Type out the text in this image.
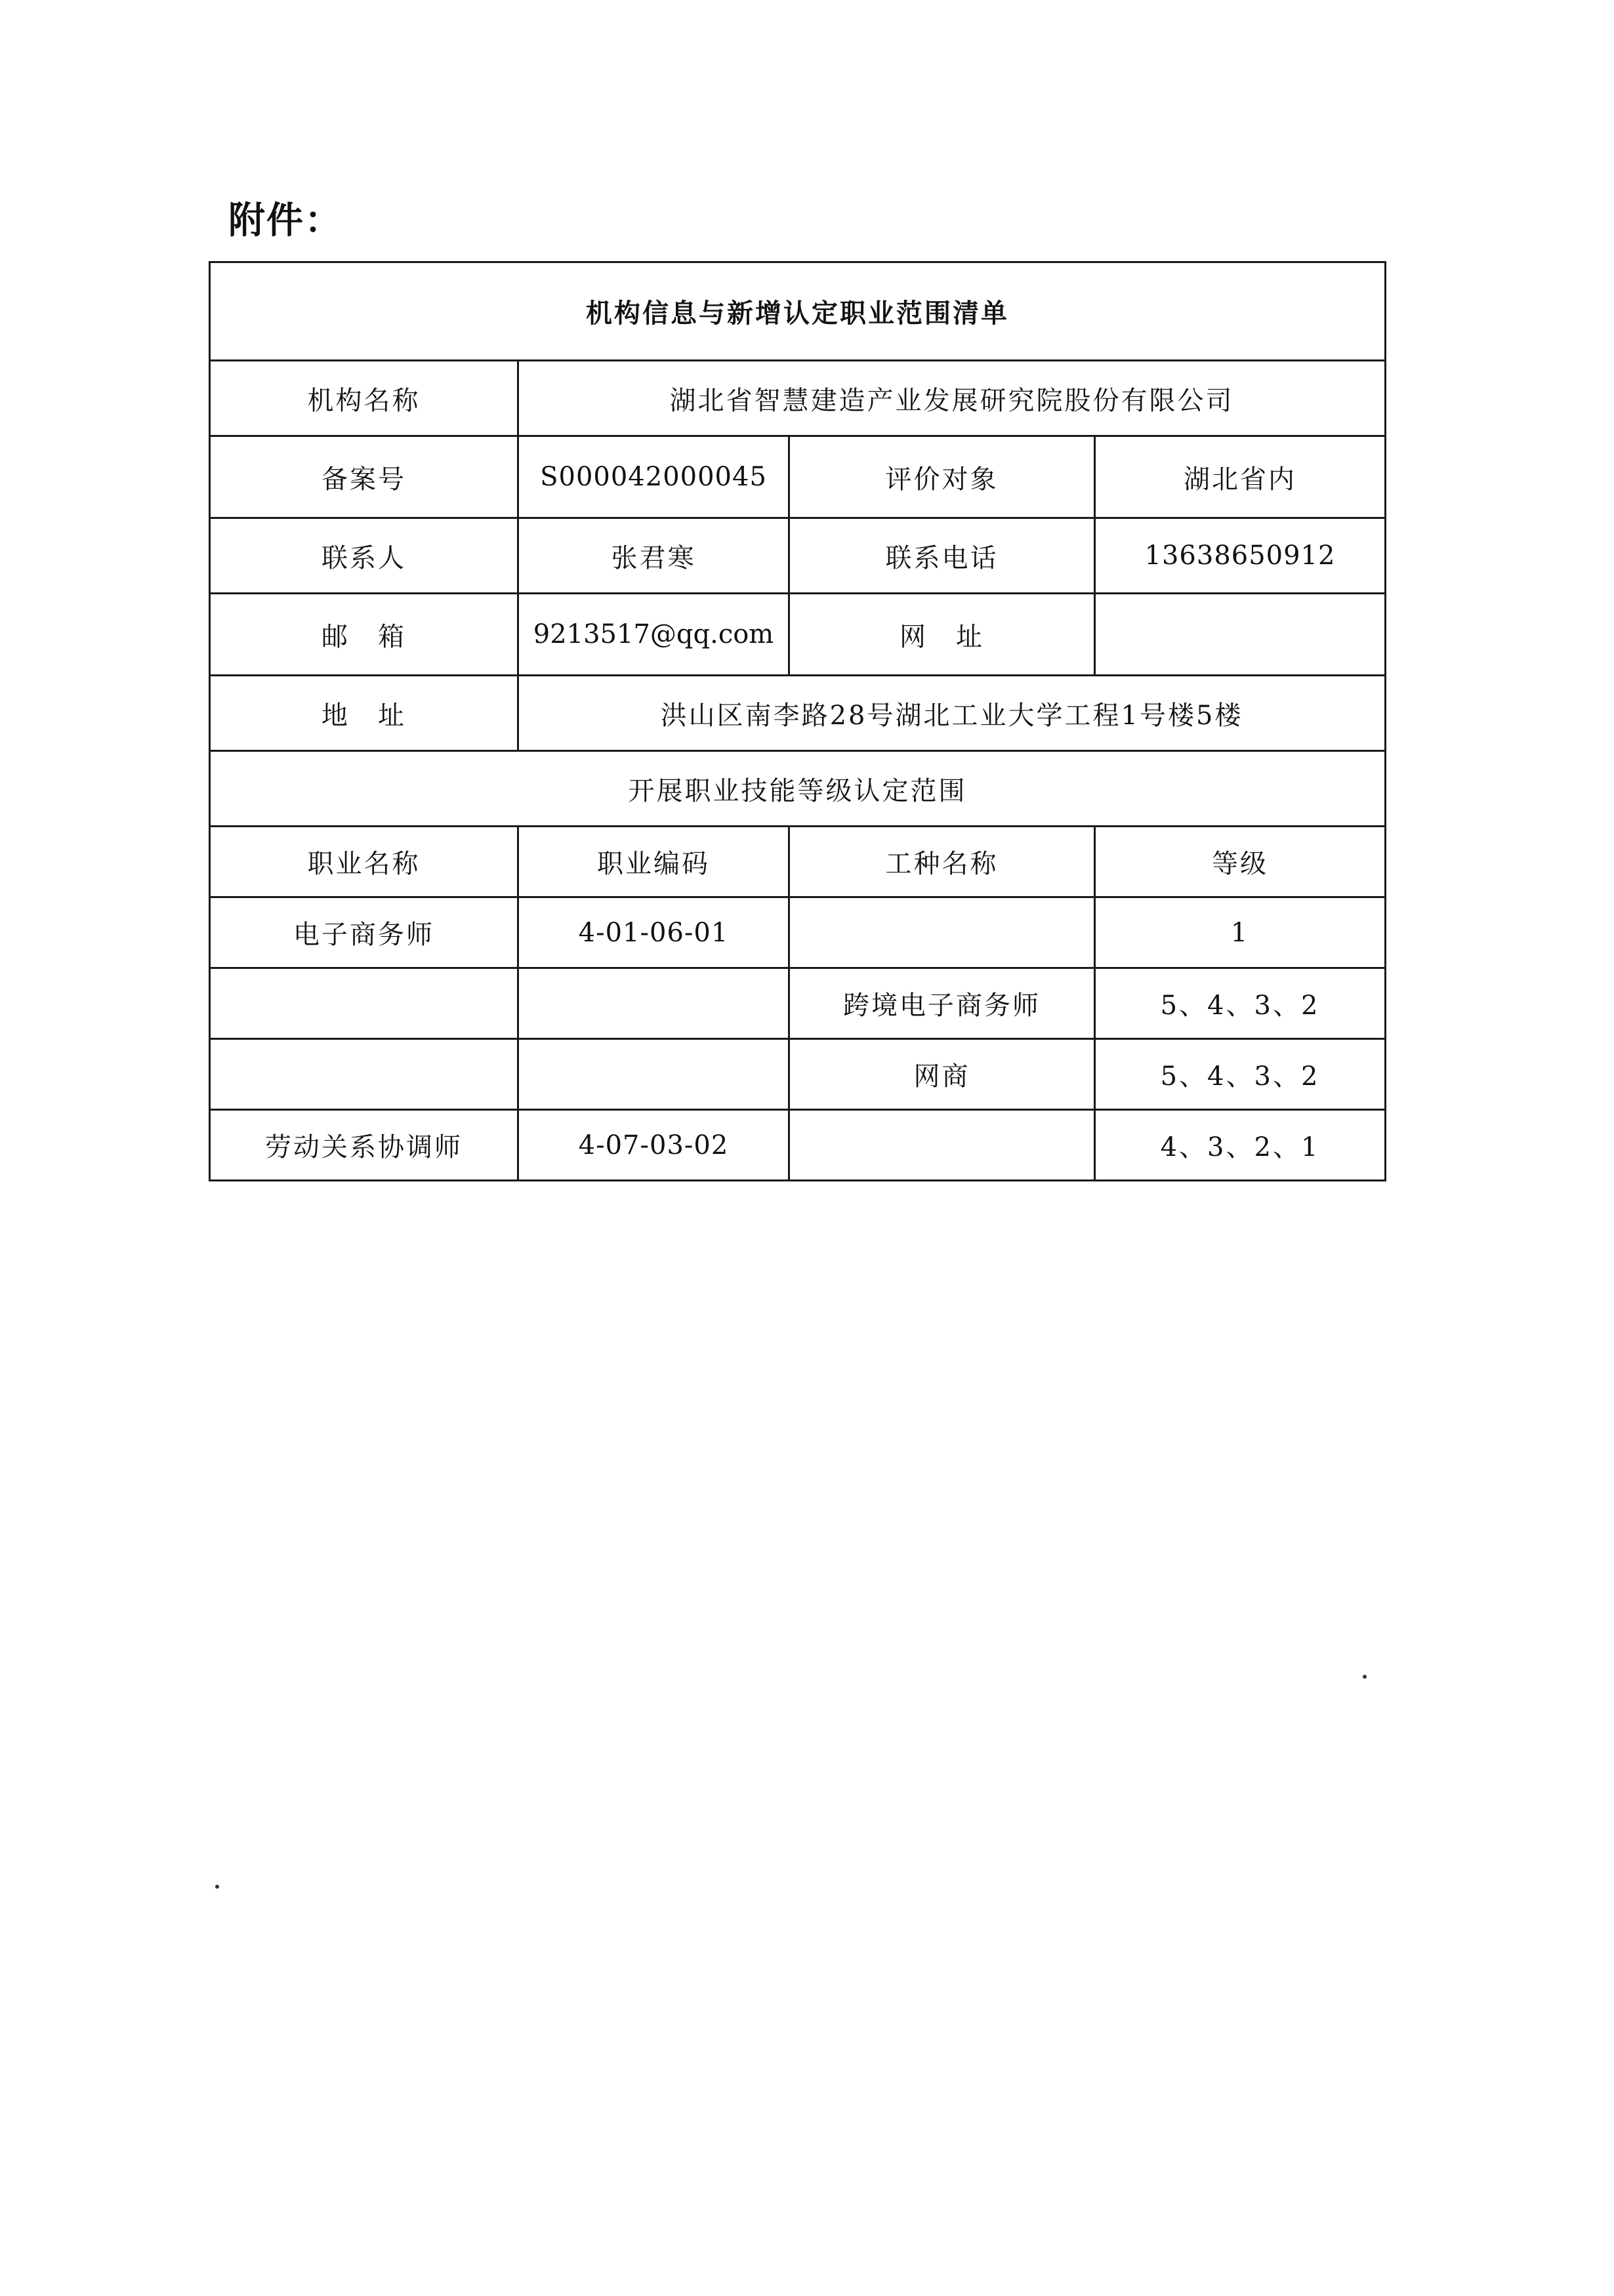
附件：
机构信息与新增认定职业范围清单			
机构名称	湖北省智慧建造产业发展研究院股份有限公司		
备案号	S000042000045	评价对象	湖北省内
联系人	张君寒	联系电话	13638650912
邮　箱	9213517@qq.com	网　址	
地　址	洪山区南李路28号湖北工业大学工程1号楼5楼		
开展职业技能等级认定范围			
职业名称	职业编码	工种名称	等级
电子商务师	4-01-06-01		1
		跨境电子商务师	5、4、3、2
		网商	5、4、3、2
劳动关系协调师	4-07-03-02		4、3、2、1
